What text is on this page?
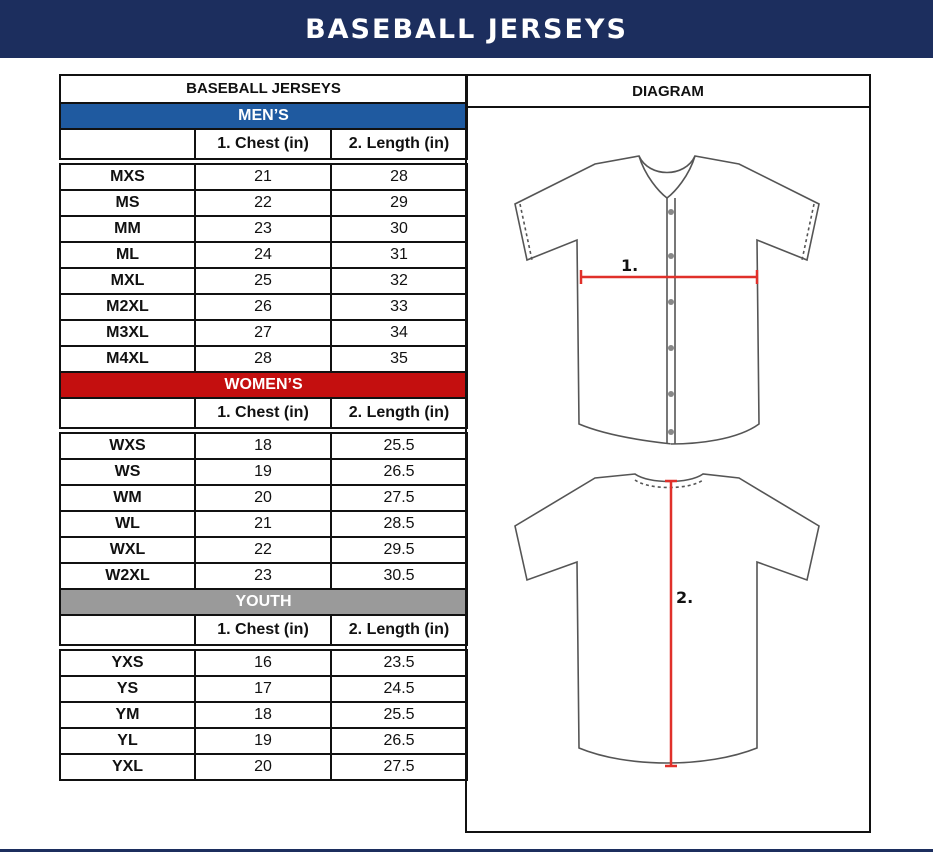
BASEBALL JERSEYS
BASEBALL JERSEYS		
MEN’S		
	1. Chest (in)	2. Length (in)

MXS	21	28
MS	22	29
MM	23	30
ML	24	31
MXL	25	32
M2XL	26	33
M3XL	27	34
M4XL	28	35
WOMEN’S		
	1. Chest (in)	2. Length (in)

WXS	18	25.5
WS	19	26.5
WM	20	27.5
WL	21	28.5
WXL	22	29.5
W2XL	23	30.5
YOUTH		
	1. Chest (in)	2. Length (in)

YXS	16	23.5
YS	17	24.5
YM	18	25.5
YL	19	26.5
YXL	20	27.5
DIAGRAM
1.
2.
